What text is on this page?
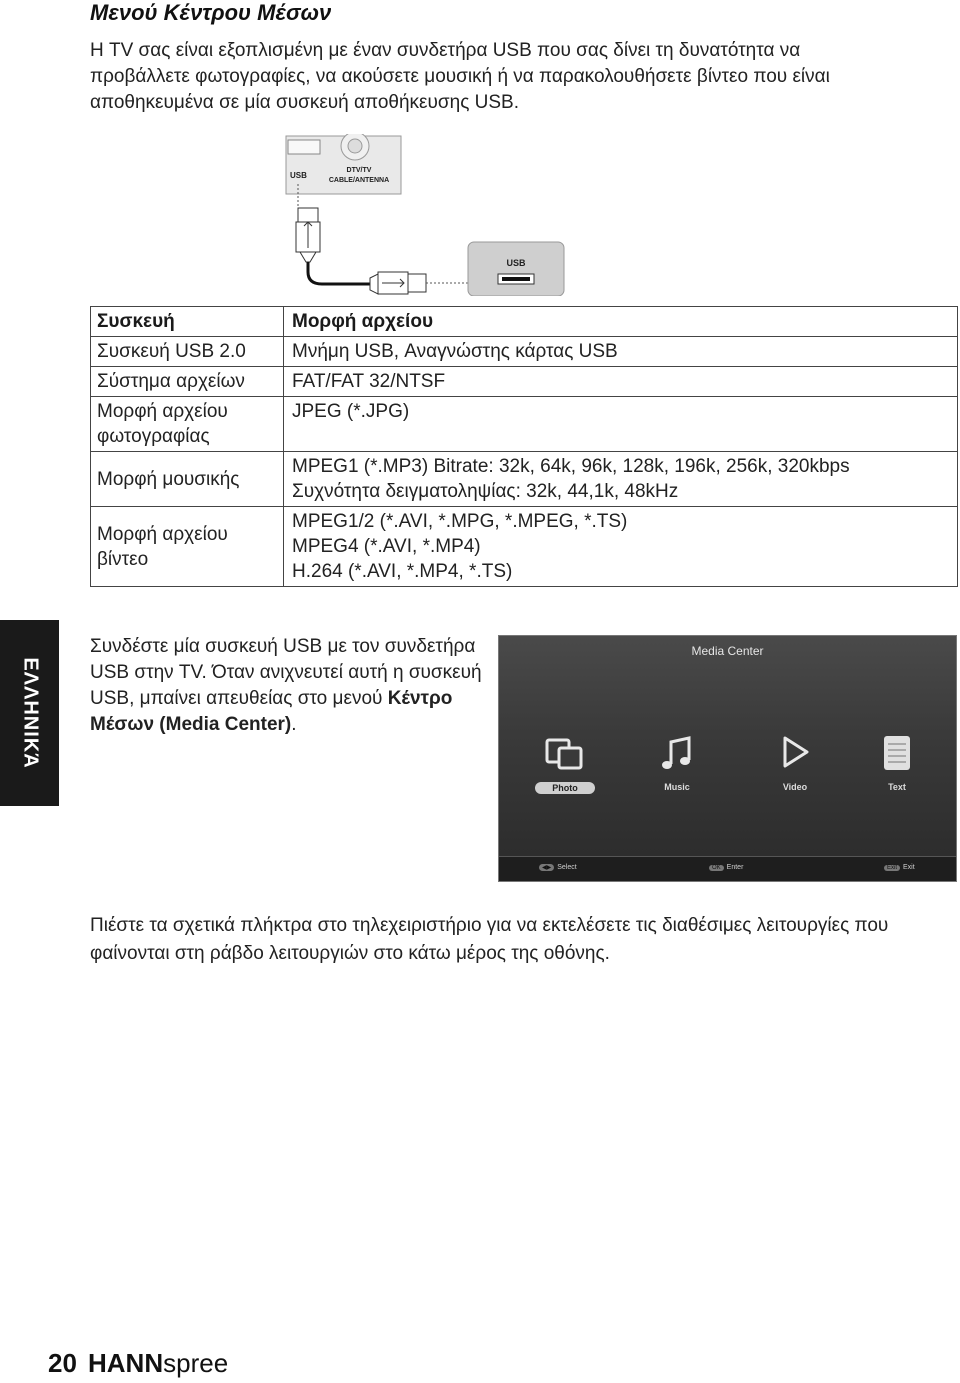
Μενού Κέντρου Μέσων
Η TV σας είναι εξοπλισμένη με έναν συνδετήρα USB που σας δίνει τη δυνατότητα να προβάλλετε φωτογραφίες, να ακούσετε μουσική ή να παρακολουθήσετε βίντεο που είναι αποθηκευμένα σε μία συσκευή αποθήκευσης USB.
USB
DTV/TV
CABLE/ANTENNA
USB
Συσκευή	Μορφή αρχείου
Συσκευή USB 2.0	Μνήμη USB, Αναγνώστης κάρτας USB
Σύστημα αρχείων	FAT/FAT 32/NTSF
Μορφή αρχείου φωτογραφίας	JPEG (*.JPG)
Μορφή μουσικής	MPEG1 (*.MP3) Bitrate: 32k, 64k, 96k, 128k, 196k, 256k, 320kbps
Συχνότητα δειγματοληψίας: 32k, 44,1k, 48kHz

Μορφή αρχείου βίντεο	MPEG1/2 (*.AVI, *.MPG, *.MPEG, *.TS)
MPEG4 (*.AVI, *.MP4)
H.264 (*.AVI, *.MP4, *.TS)
ΕΛΛΗΝΙΚΆ
Συνδέστε μία συσκευή USB με τον συνδετήρα USB στην TV. Όταν ανιχνευτεί αυτή η συσκευή USB, μπαίνει απευθείας στο μενού Κέντρο Μέσων (Media Center).
Media Center
Photo	Music	Video	Text
◀▶ Select	OK Enter	Exit Exit
Πιέστε τα σχετικά πλήκτρα στο τηλεχειριστήριο για να εκτελέσετε τις διαθέσιμες λειτουργίες που φαίνονται στη ράβδο λειτουργιών στο κάτω μέρος της οθόνης.
20 HANNspree
